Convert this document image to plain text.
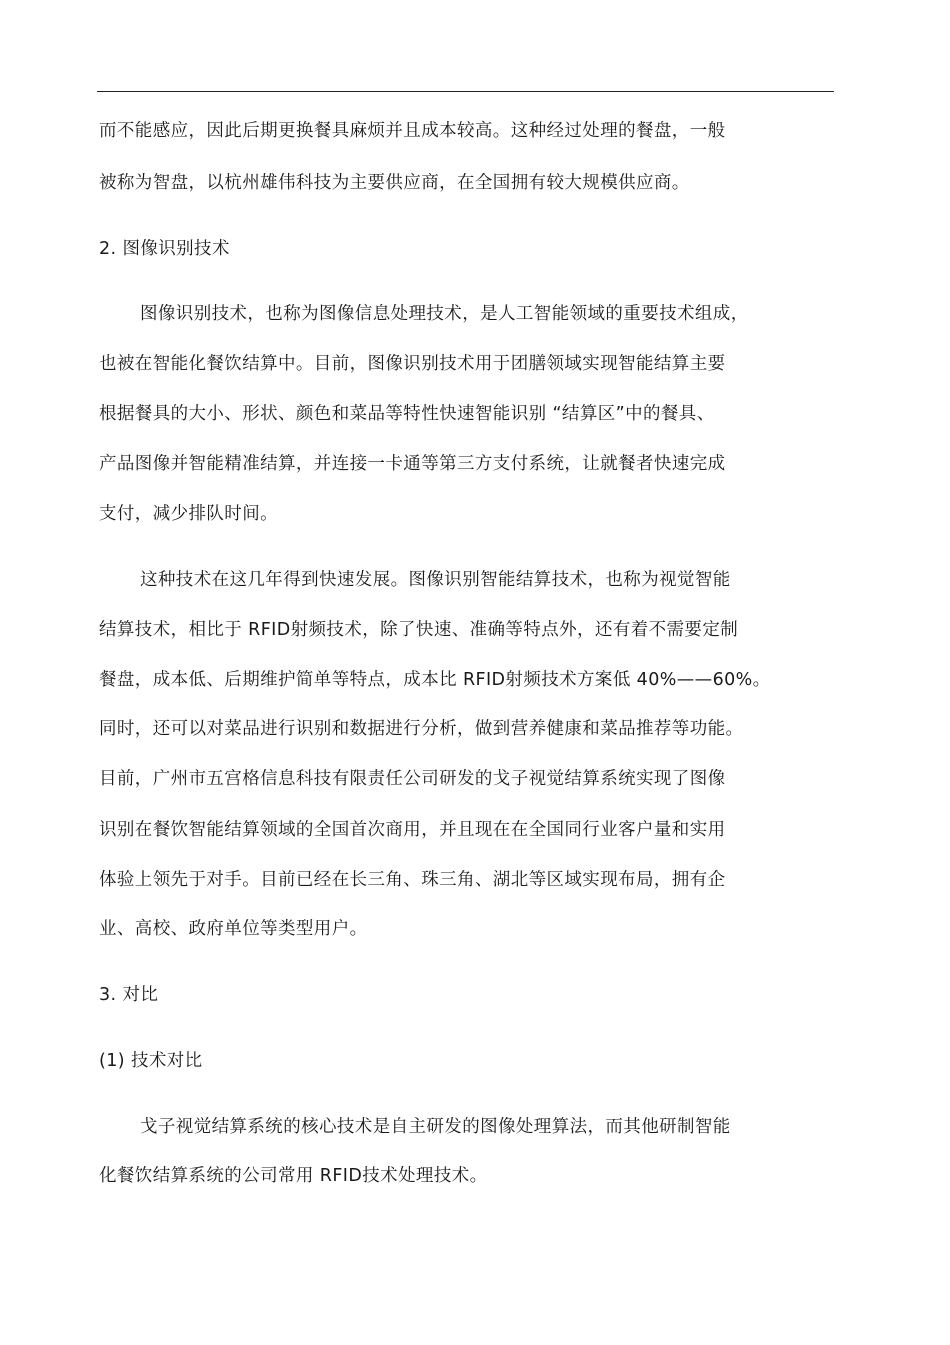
而不能感应，因此后期更换餐具麻烦并且成本较高。这种经过处理的餐盘，一般

被称为智盘，以杭州雄伟科技为主要供应商，在全国拥有较大规模供应商。

2. 图像识别技术

图像识别技术，也称为图像信息处理技术，是人工智能领域的重要技术组成，

也被在智能化餐饮结算中。目前，图像识别技术用于团膳领域实现智能结算主要

根据餐具的大小、形状、颜色和菜品等特性快速智能识别 “结算区”中的餐具、

产品图像并智能精准结算，并连接一卡通等第三方支付系统，让就餐者快速完成

支付，减少排队时间。

这种技术在这几年得到快速发展。图像识别智能结算技术，也称为视觉智能

结算技术，相比于 RFID射频技术，除了快速、准确等特点外，还有着不需要定制

餐盘，成本低、后期维护简单等特点，成本比 RFID射频技术方案低 40%——60%。

同时，还可以对菜品进行识别和数据进行分析，做到营养健康和菜品推荐等功能。

目前，广州市五宫格信息科技有限责任公司研发的戈子视觉结算系统实现了图像

识别在餐饮智能结算领域的全国首次商用，并且现在在全国同行业客户量和实用

体验上领先于对手。目前已经在长三角、珠三角、湖北等区域实现布局，拥有企

业、高校、政府单位等类型用户。

3. 对比

(1) 技术对比

戈子视觉结算系统的核心技术是自主研发的图像处理算法，而其他研制智能

化餐饮结算系统的公司常用 RFID技术处理技术。
